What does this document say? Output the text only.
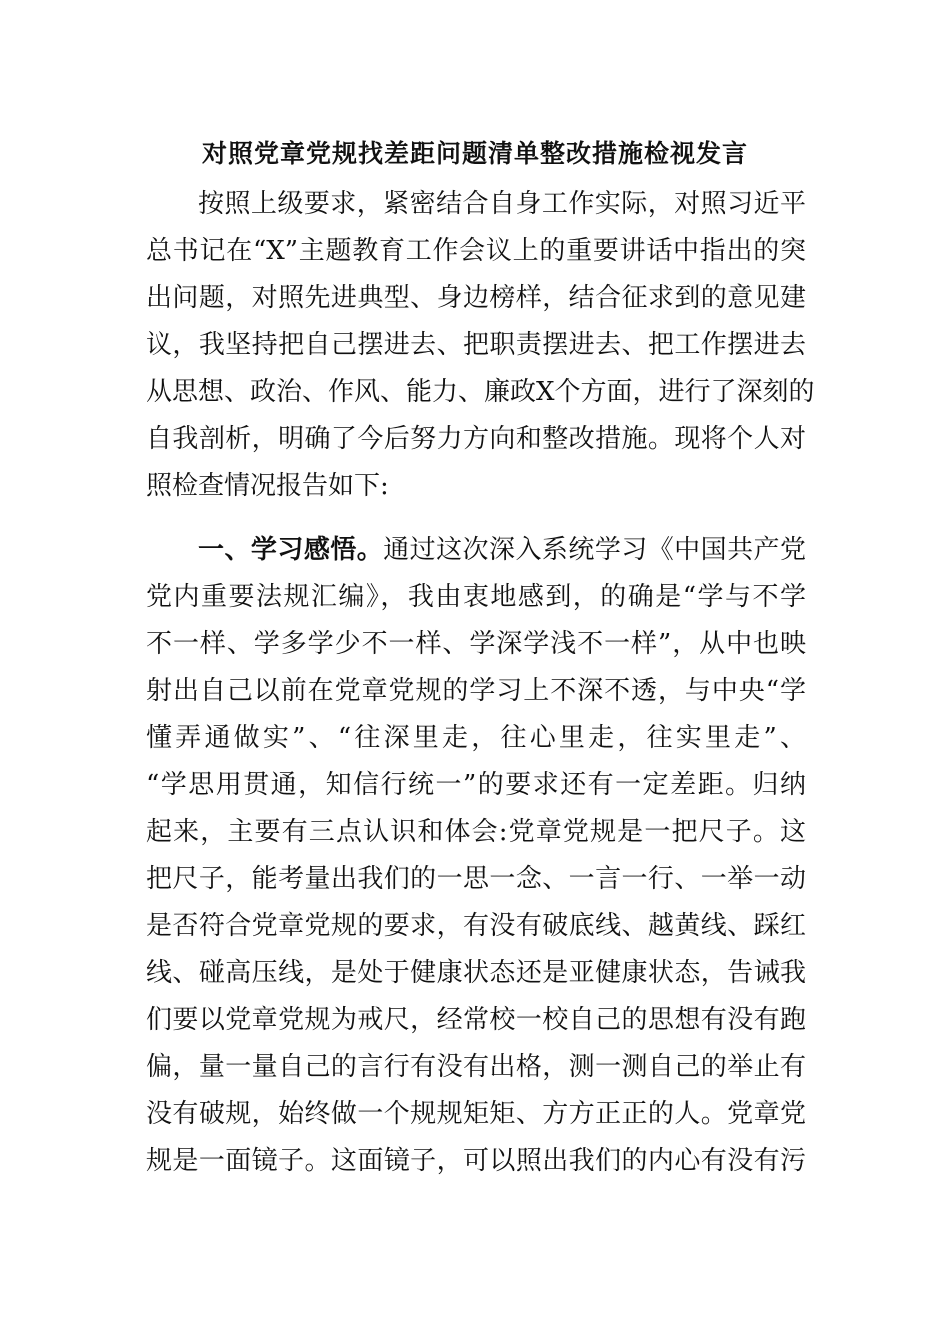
对照党章党规找差距问题清单整改措施检视发言
按照上级要求，紧密结合自身工作实际，对照习近平
总书记在“X”主题教育工作会议上的重要讲话中指出的突
出问题，对照先进典型、身边榜样，结合征求到的意见建
议，我坚持把自己摆进去、把职责摆进去、把工作摆进去
从思想、政治、作风、能力、廉政X个方面，进行了深刻的
自我剖析，明确了今后努力方向和整改措施。现将个人对
照检查情况报告如下:
一、学习感悟。通过这次深入系统学习《中国共产党
党内重要法规汇编》，我由衷地感到，的确是“学与不学
不一样、学多学少不一样、学深学浅不一样”，从中也映
射出自己以前在党章党规的学习上不深不透，与中央“学
懂弄通做实”、“往深里走，往心里走，往实里走”、
“学思用贯通，知信行统一”的要求还有一定差距。归纳
起来，主要有三点认识和体会:党章党规是一把尺子。这
把尺子，能考量出我们的一思一念、一言一行、一举一动
是否符合党章党规的要求，有没有破底线、越黄线、踩红
线、碰高压线，是处于健康状态还是亚健康状态，告诫我
们要以党章党规为戒尺，经常校一校自己的思想有没有跑
偏，量一量自己的言行有没有出格，测一测自己的举止有
没有破规，始终做一个规规矩矩、方方正正的人。党章党
规是一面镜子。这面镜子，可以照出我们的内心有没有污
